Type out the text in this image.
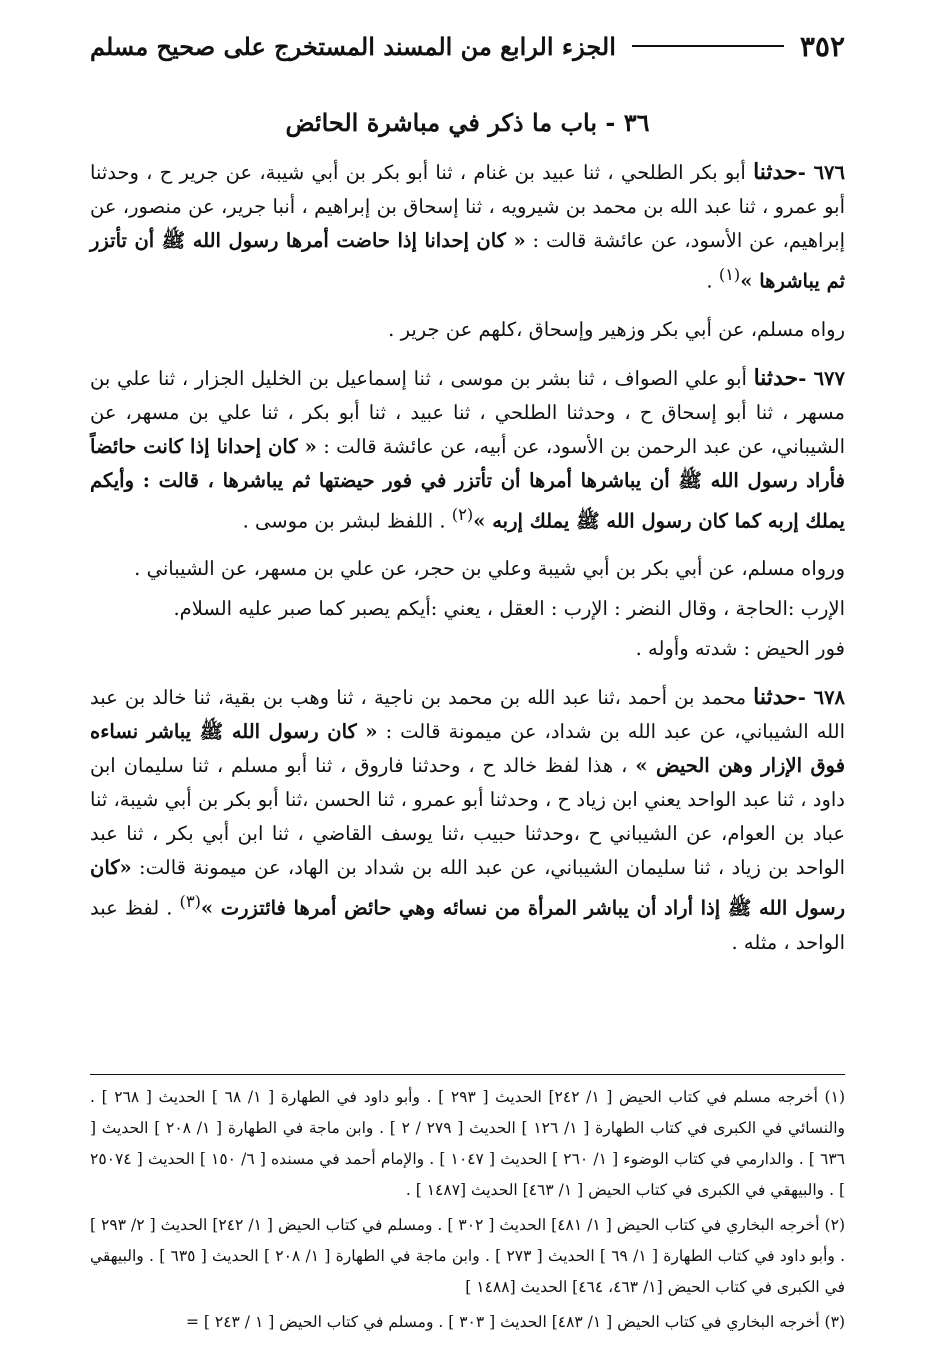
٣٥٢
الجزء الرابع من المسند المستخرج على صحيح مسلم
٣٦ - باب ما ذكر في مباشرة الحائض

٦٧٦ -حدثنا أبو بكر الطلحي ، ثنا عبيد بن غنام ، ثنا أبو بكر بن أبي شيبة، عن جرير ح ، وحدثنا أبو عمرو ، ثنا عبد الله بن محمد بن شيرويه ، ثنا إسحاق بن إبراهيم ، أنبا جرير، عن منصور، عن إبراهيم، عن الأسود، عن عائشة قالت : « كان إحدانا إذا حاضت أمرها رسول الله ﷺ أن تأتزر ثم يباشرها »$^{(١)}$ .

رواه مسلم، عن أبي بكر وزهير وإسحاق ،كلهم عن جرير .

٦٧٧ -حدثنا أبو علي الصواف ، ثنا بشر بن موسى ، ثنا إسماعيل بن الخليل الجزار ، ثنا علي بن مسهر ، ثنا أبو إسحاق ح ، وحدثنا الطلحي ، ثنا عبيد ، ثنا أبو بكر ، ثنا علي بن مسهر، عن الشيباني، عن عبد الرحمن بن الأسود، عن أبيه، عن عائشة قالت : « كان إحدانا إذا كانت حائضاً فأراد رسول الله ﷺ أن يباشرها أمرها أن تأتزر في فور حيضتها ثم يباشرها ، قالت : وأيكم يملك إربه كما كان رسول الله ﷺ يملك إربه »$^{(٢)}$ . اللفظ لبشر بن موسى .

ورواه مسلم، عن أبي بكر بن أبي شيبة وعلي بن حجر، عن علي بن مسهر، عن الشيباني .

الإرب :الحاجة ، وقال النضر : الإرب : العقل ، يعني :أيكم يصبر كما صبر عليه السلام.

فور الحيض : شدته وأوله .

٦٧٨ -حدثنا محمد بن أحمد ،ثنا عبد الله بن محمد بن ناجية ، ثنا وهب بن بقية، ثنا خالد بن عبد الله الشيباني، عن عبد الله بن شداد، عن ميمونة قالت : « كان رسول الله ﷺ يباشر نساءه فوق الإزار وهن الحيض » ، هذا لفظ خالد ح ، وحدثنا فاروق ، ثنا أبو مسلم ، ثنا سليمان ابن داود ، ثنا عبد الواحد يعني ابن زياد ح ، وحدثنا أبو عمرو ، ثنا الحسن ،ثنا أبو بكر بن أبي شيبة، ثنا عباد بن العوام، عن الشيباني ح ،وحدثنا حبيب ،ثنا يوسف القاضي ، ثنا ابن أبي بكر ، ثنا عبد الواحد بن زياد ، ثنا سليمان الشيباني، عن عبد الله بن شداد بن الهاد، عن ميمونة قالت: «كان رسول الله ﷺ إذا أراد أن يباشر المرأة من نسائه وهي حائض أمرها فائتزرت »$^{(٣)}$ . لفظ عبد الواحد ، مثله .

(١) أخرجه مسلم في كتاب الحيض [ ١/ ٢٤٢] الحديث [ ٢٩٣ ] . وأبو داود في الطهارة [ ١/ ٦٨ ] الحديث [ ٢٦٨ ] . والنسائي في الكبرى في كتاب الطهارة [ ١/ ١٢٦ ] الحديث [ ٢٧٩ / ٢ ] . وابن ماجة في الطهارة [ ١/ ٢٠٨ ] الحديث [ ٦٣٦ ] . والدارمي في كتاب الوضوء [ ١/ ٢٦٠ ] الحديث [ ١٠٤٧ ] . والإمام أحمد في مسنده [ ٦/ ١٥٠ ] الحديث [ ٢٥٠٧٤ ] . والبيهقي في الكبرى في كتاب الحيض [ ١/ ٤٦٣] الحديث [١٤٨٧ ] .

(٢) أخرجه البخاري في كتاب الحيض [ ١/ ٤٨١] الحديث [ ٣٠٢ ] . ومسلم في كتاب الحيض [ ١/ ٢٤٢] الحديث [ ٢/ ٢٩٣ ] . وأبو داود في كتاب الطهارة [ ١/ ٦٩ ] الحديث [ ٢٧٣ ] . وابن ماجة في الطهارة [ ١/ ٢٠٨ ] الحديث [ ٦٣٥ ] . والبيهقي في الكبرى في كتاب الحيض [١/ ٤٦٣، ٤٦٤] الحديث [١٤٨٨ ]

(٣) أخرجه البخاري في كتاب الحيض [ ١/ ٤٨٣] الحديث [ ٣٠٣ ] . ومسلم في كتاب الحيض [ ١ / ٢٤٣ ] =
